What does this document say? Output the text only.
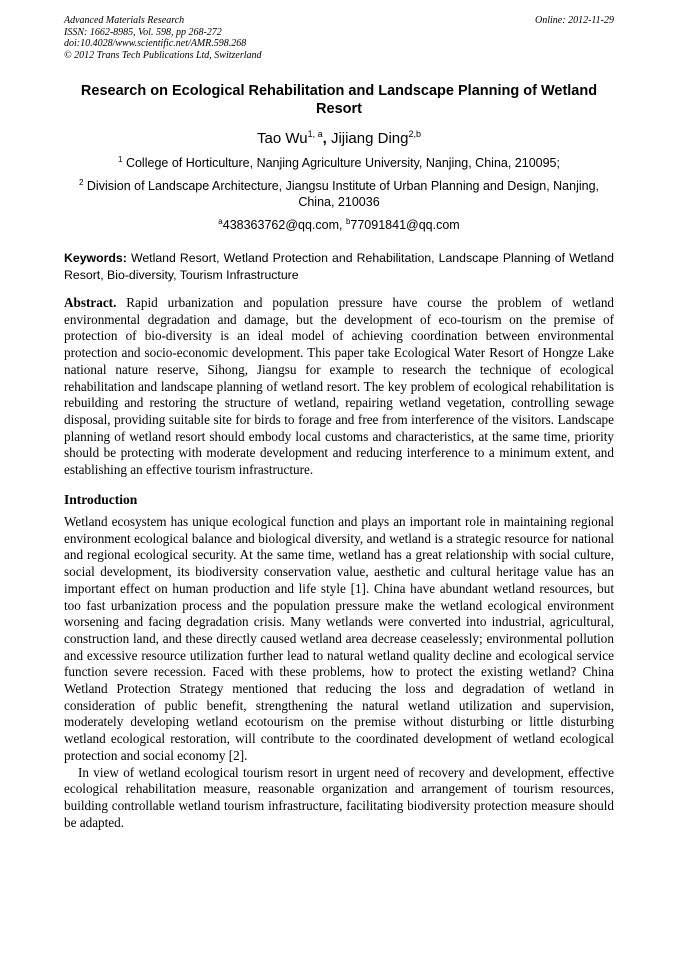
Advanced Materials Research
ISSN: 1662-8985, Vol. 598, pp 268-272
doi:10.4028/www.scientific.net/AMR.598.268
© 2012 Trans Tech Publications Ltd, Switzerland
Online: 2012-11-29
Research on Ecological Rehabilitation and Landscape Planning of Wetland Resort
Tao Wu$^{1, a}$, Jijiang Ding$^{2,b}$
$^1$ College of Horticulture, Nanjing Agriculture University, Nanjing, China, 210095;
$^2$ Division of Landscape Architecture, Jiangsu Institute of Urban Planning and Design, Nanjing, China, 210036
$^a$438363762@qq.com, $^b$77091841@qq.com
Keywords: Wetland Resort, Wetland Protection and Rehabilitation, Landscape Planning of Wetland Resort, Bio-diversity, Tourism Infrastructure

Abstract. Rapid urbanization and population pressure have course the problem of wetland environmental degradation and damage, but the development of eco-tourism on the premise of protection of bio-diversity is an ideal model of achieving coordination between environmental protection and socio-economic development. This paper take Ecological Water Resort of Hongze Lake national nature reserve, Sihong, Jiangsu for example to research the technique of ecological rehabilitation and landscape planning of wetland resort. The key problem of ecological rehabilitation is rebuilding and restoring the structure of wetland, repairing wetland vegetation, controlling sewage disposal, providing suitable site for birds to forage and free from interference of the visitors. Landscape planning of wetland resort should embody local customs and characteristics, at the same time, priority should be protecting with moderate development and reducing interference to a minimum extent, and establishing an effective tourism infrastructure.

Introduction

Wetland ecosystem has unique ecological function and plays an important role in maintaining regional environment ecological balance and biological diversity, and wetland is a strategic resource for national and regional ecological security. At the same time, wetland has a great relationship with social culture, social development, its biodiversity conservation value, aesthetic and cultural heritage value has an important effect on human production and life style [1]. China have abundant wetland resources, but too fast urbanization process and the population pressure make the wetland ecological environment worsening and facing degradation crisis. Many wetlands were converted into industrial, agricultural, construction land, and these directly caused wetland area decrease ceaselessly; environmental pollution and excessive resource utilization further lead to natural wetland quality decline and ecological service function severe recession. Faced with these problems, how to protect the existing wetland? China Wetland Protection Strategy mentioned that reducing the loss and degradation of wetland in consideration of public benefit, strengthening the natural wetland utilization and supervision, moderately developing wetland ecotourism on the premise without disturbing or little disturbing wetland ecological restoration, will contribute to the coordinated development of wetland ecological protection and social economy [2].

In view of wetland ecological tourism resort in urgent need of recovery and development, effective ecological rehabilitation measure, reasonable organization and arrangement of tourism resources, building controllable wetland tourism infrastructure, facilitating biodiversity protection measure should be adapted.
